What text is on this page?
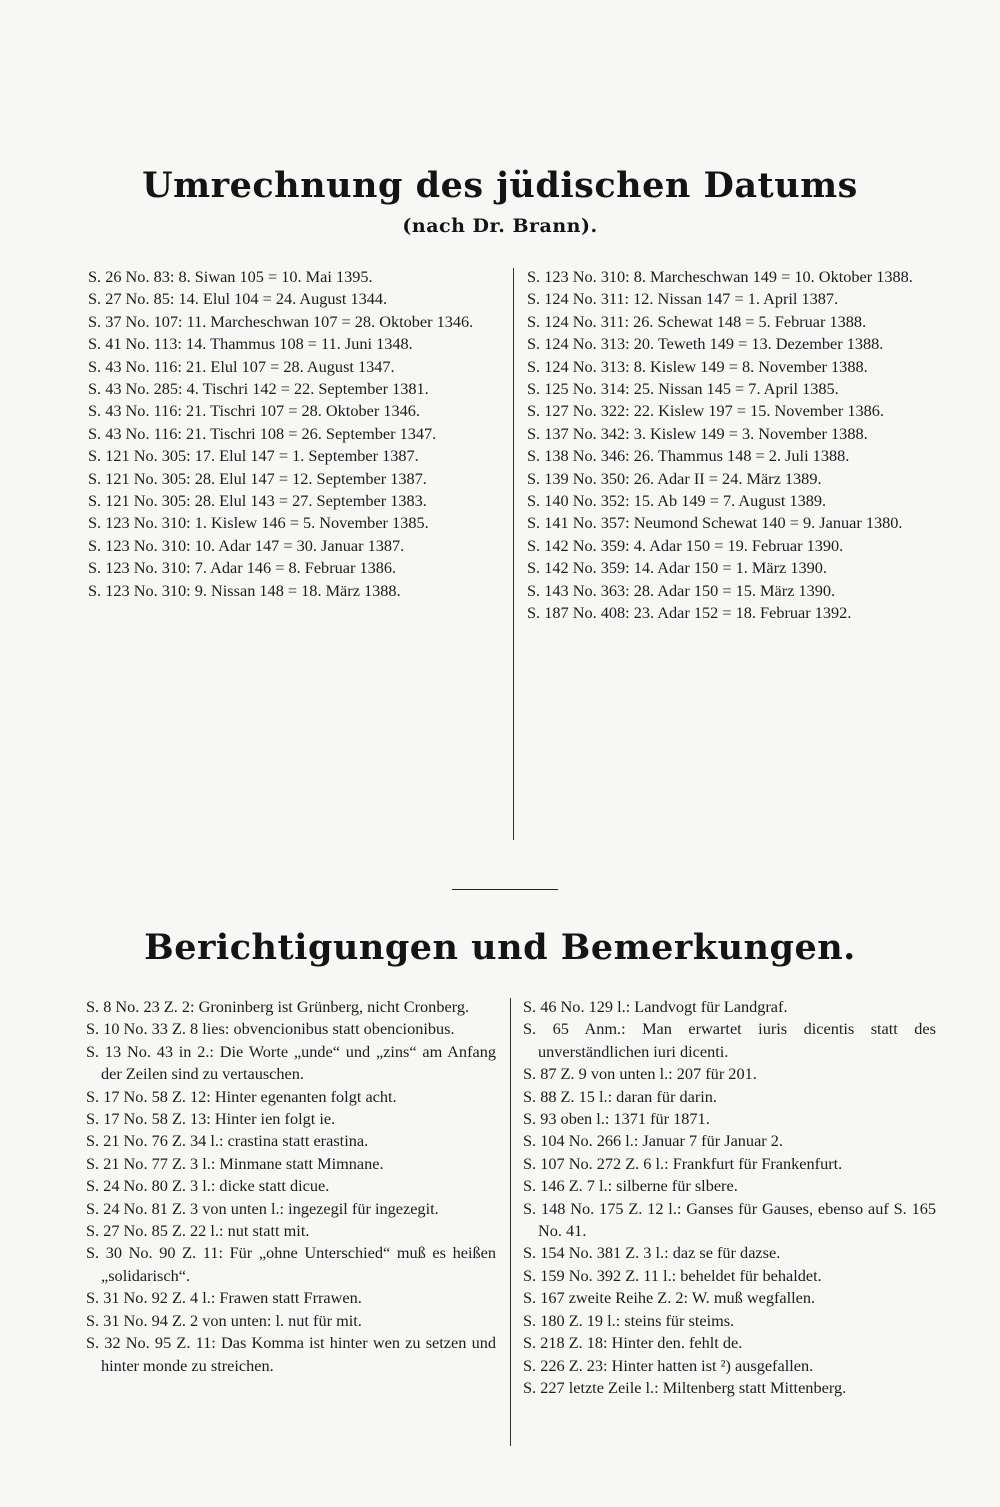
Umrechnung des jüdischen Datums
(nach Dr. Brann).

S. 26 No. 83: 8. Siwan 105 = 10. Mai 1395.

S. 27 No. 85: 14. Elul 104 = 24. August 1344.

S. 37 No. 107: 11. Marcheschwan 107 = 28. Oktober 1346.

S. 41 No. 113: 14. Thammus 108 = 11. Juni 1348.

S. 43 No. 116: 21. Elul 107 = 28. August 1347.

S. 43 No. 285: 4. Tischri 142 = 22. September 1381.

S. 43 No. 116: 21. Tischri 107 = 28. Oktober 1346.

S. 43 No. 116: 21. Tischri 108 = 26. September 1347.

S. 121 No. 305: 17. Elul 147 = 1. September 1387.

S. 121 No. 305: 28. Elul 147 = 12. September 1387.

S. 121 No. 305: 28. Elul 143 = 27. September 1383.

S. 123 No. 310: 1. Kislew 146 = 5. November 1385.

S. 123 No. 310: 10. Adar 147 = 30. Januar 1387.

S. 123 No. 310: 7. Adar 146 = 8. Februar 1386.

S. 123 No. 310: 9. Nissan 148 = 18. März 1388.

S. 123 No. 310: 8. Marcheschwan 149 = 10. Oktober 1388.

S. 124 No. 311: 12. Nissan 147 = 1. April 1387.

S. 124 No. 311: 26. Schewat 148 = 5. Februar 1388.

S. 124 No. 313: 20. Teweth 149 = 13. Dezember 1388.

S. 124 No. 313: 8. Kislew 149 = 8. November 1388.

S. 125 No. 314: 25. Nissan 145 = 7. April 1385.

S. 127 No. 322: 22. Kislew 197 = 15. November 1386.

S. 137 No. 342: 3. Kislew 149 = 3. November 1388.

S. 138 No. 346: 26. Thammus 148 = 2. Juli 1388.

S. 139 No. 350: 26. Adar II = 24. März 1389.

S. 140 No. 352: 15. Ab 149 = 7. August 1389.

S. 141 No. 357: Neumond Schewat 140 = 9. Januar 1380.

S. 142 No. 359: 4. Adar 150 = 19. Februar 1390.

S. 142 No. 359: 14. Adar 150 = 1. März 1390.

S. 143 No. 363: 28. Adar 150 = 15. März 1390.

S. 187 No. 408: 23. Adar 152 = 18. Februar 1392.

Berichtigungen und Bemerkungen.

S. 8 No. 23 Z. 2: Groninberg ist Grünberg, nicht Cronberg.

S. 10 No. 33 Z. 8 lies: obvencionibus statt obencionibus.

S. 13 No. 43 in 2.: Die Worte „unde“ und „zins“ am Anfang der Zeilen sind zu vertauschen.

S. 17 No. 58 Z. 12: Hinter egenanten folgt acht.

S. 17 No. 58 Z. 13: Hinter ien folgt ie.

S. 21 No. 76 Z. 34 l.: crastina statt erastina.

S. 21 No. 77 Z. 3 l.: Minmane statt Mimnane.

S. 24 No. 80 Z. 3 l.: dicke statt dicue.

S. 24 No. 81 Z. 3 von unten l.: ingezegil für ingezegit.

S. 27 No. 85 Z. 22 l.: nut statt mit.

S. 30 No. 90 Z. 11: Für „ohne Unterschied“ muß es heißen „solidarisch“.

S. 31 No. 92 Z. 4 l.: Frawen statt Frrawen.

S. 31 No. 94 Z. 2 von unten: l. nut für mit.

S. 32 No. 95 Z. 11: Das Komma ist hinter wen zu setzen und hinter monde zu streichen.

S. 46 No. 129 l.: Landvogt für Landgraf.

S. 65 Anm.: Man erwartet iuris dicentis statt des unverständlichen iuri dicenti.

S. 87 Z. 9 von unten l.: 207 für 201.

S. 88 Z. 15 l.: daran für darin.

S. 93 oben l.: 1371 für 1871.

S. 104 No. 266 l.: Januar 7 für Januar 2.

S. 107 No. 272 Z. 6 l.: Frankfurt für Frankenfurt.

S. 146 Z. 7 l.: silberne für slbere.

S. 148 No. 175 Z. 12 l.: Ganses für Gauses, ebenso auf S. 165 No. 41.

S. 154 No. 381 Z. 3 l.: daz se für dazse.

S. 159 No. 392 Z. 11 l.: beheldet für behaldet.

S. 167 zweite Reihe Z. 2: W. muß wegfallen.

S. 180 Z. 19 l.: steins für steims.

S. 218 Z. 18: Hinter den. fehlt de.

S. 226 Z. 23: Hinter hatten ist ²) ausgefallen.

S. 227 letzte Zeile l.: Miltenberg statt Mittenberg.
